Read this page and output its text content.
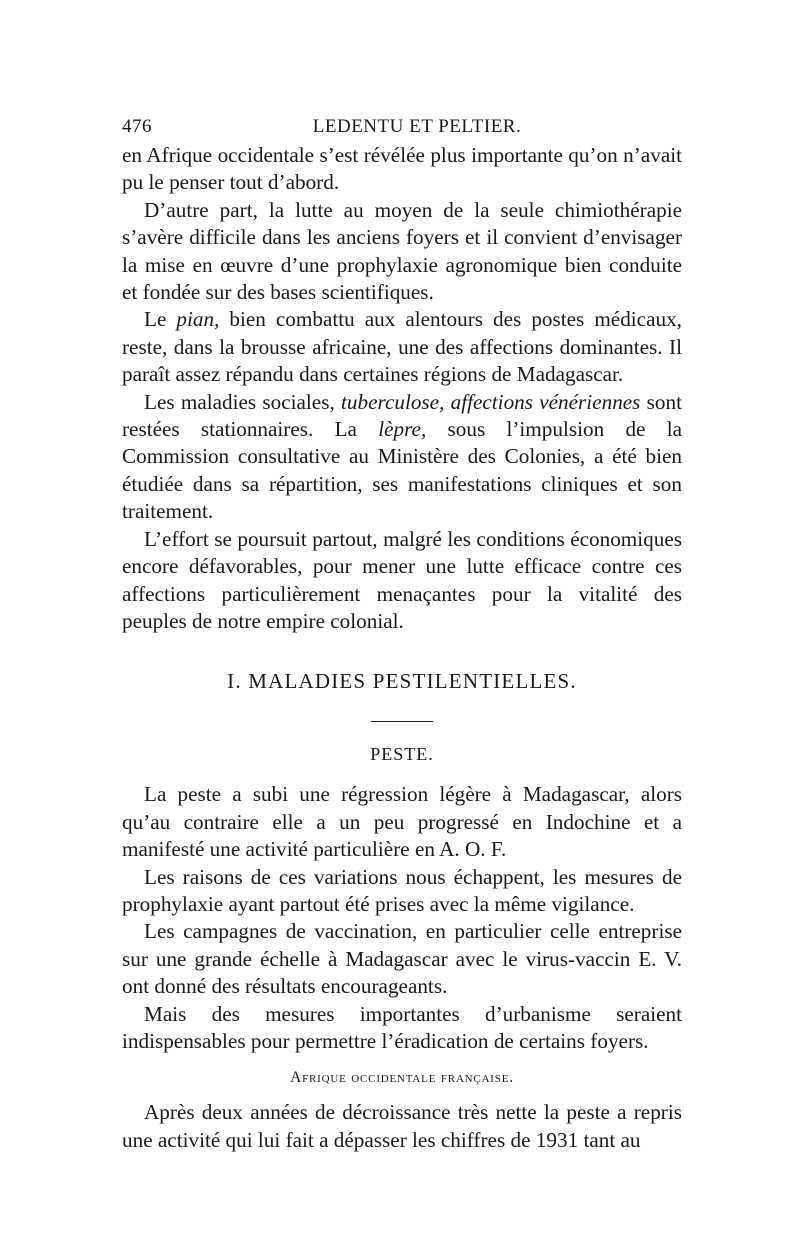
476	LEDENTU ET PELTIER.

en Afrique occidentale s’est révélée plus importante qu’on n’avait pu le penser tout d’abord.

D’autre part, la lutte au moyen de la seule chimiothérapie s’avère difficile dans les anciens foyers et il convient d’envisager la mise en œuvre d’une prophylaxie agronomique bien conduite et fondée sur des bases scientifiques.

Le pian, bien combattu aux alentours des postes médicaux, reste, dans la brousse africaine, une des affections dominantes. Il paraît assez répandu dans certaines régions de Madagascar.

Les maladies sociales, tuberculose, affections vénériennes sont restées stationnaires. La lèpre, sous l’impulsion de la Commission consultative au Ministère des Colonies, a été bien étudiée dans sa répartition, ses manifestations cliniques et son traitement.

L’effort se poursuit partout, malgré les conditions économiques encore défavorables, pour mener une lutte efficace contre ces affections particulièrement menaçantes pour la vitalité des peuples de notre empire colonial.

I. MALADIES PESTILENTIELLES.
PESTE.

La peste a subi une régression légère à Madagascar, alors qu’au contraire elle a un peu progressé en Indochine et a manifesté une activité particulière en A. O. F.

Les raisons de ces variations nous échappent, les mesures de prophylaxie ayant partout été prises avec la même vigilance.

Les campagnes de vaccination, en particulier celle entreprise sur une grande échelle à Madagascar avec le virus-vaccin E. V. ont donné des résultats encourageants.

Mais des mesures importantes d’urbanisme seraient indispensables pour permettre l’éradication de certains foyers.

Afrique occidentale française.

Après deux années de décroissance très nette la peste a repris une activité qui lui fait a dépasser les chiffres de 1931 tant au
